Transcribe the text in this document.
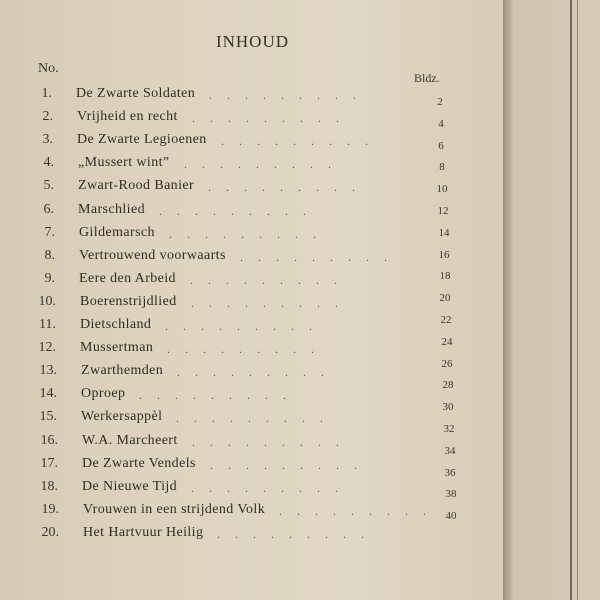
INHOUD
No.
Bldz.
1. De Zwarte Soldaten . . . . . . . . .
2. Vrijheid en recht . . . . . . . . .
3. De Zwarte Legioenen . . . . . . . . .
4. „Mussert wint” . . . . . . . . .
5. Zwart-Rood Banier . . . . . . . . .
6. Marschlied . . . . . . . . .
7. Gildemarsch . . . . . . . . .
8. Vertrouwend voorwaarts . . . . . . . . .
9. Eere den Arbeid . . . . . . . . .
10. Boerenstrijdlied . . . . . . . . .
11. Dietschland . . . . . . . . .
12. Mussertman . . . . . . . . .
13. Zwarthemden . . . . . . . . .
14. Oproep . . . . . . . . .
15. Werkersappèl . . . . . . . . .
16. W.A. Marcheert . . . . . . . . .
17. De Zwarte Vendels . . . . . . . . .
18. De Nieuwe Tijd . . . . . . . . .
19. Vrouwen in een strijdend Volk . . . . . . . . .
20. Het Hartvuur Heilig . . . . . . . . .
2
4
6
8
10
12
14
16
18
20
22
24
26
28
30
32
34
36
38
40
